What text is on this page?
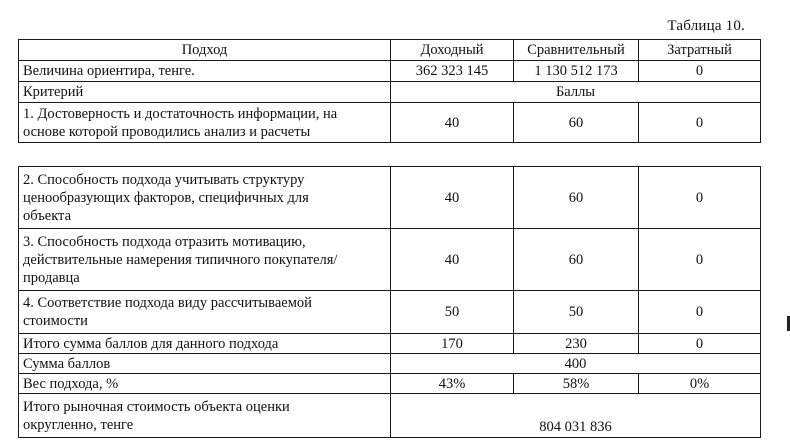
Таблица 10.
Подход	Доходный	Сравнительный	Затратный
Величина ориентира, тенге.	362 323 145	1 130 512 173	0
Критерий	Баллы		

1. Достоверность и достаточность информации, на
основе которой проводились анализ и расчеты	40	60	0
2. Способность подхода учитывать структуру
ценообразующих факторов, специфичных для
объекта	40	60	0

3. Способность подхода отразить мотивацию,
действительные намерения типичного покупателя/
продавца	40	60	0

4. Соответствие подхода виду рассчитываемой
стоимости	50	50	0
Итого сумма баллов для данного подхода	170	230	0
Сумма баллов	400		
Вес подхода, %	43%	58%	0%

Итого рыночная стоимость объекта оценки
округленно, тенге	804 031 836		
